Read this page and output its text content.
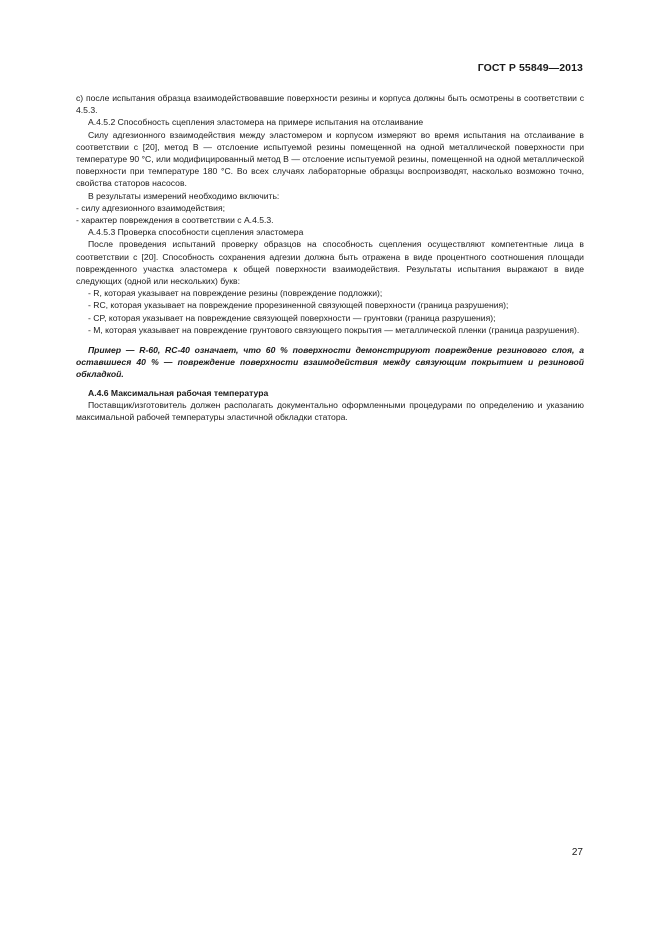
ГОСТ Р 55849—2013

с) после испытания образца взаимодействовавшие поверхности резины и корпуса должны быть осмотрены в соответствии с 4.5.3.

А.4.5.2 Способность сцепления эластомера на примере испытания на отслаивание

Силу адгезионного взаимодействия между эластомером и корпусом измеряют во время испытания на отслаивание в соответствии с [20], метод В — отслоение испытуемой резины помещенной на одной металлической поверхности при температуре 90 °С, или модифицированный метод В — отслоение испытуемой резины, помещенной на одной металлической поверхности при температуре 180 °С. Во всех случаях лабораторные образцы воспроизводят, насколько возможно точно, свойства статоров насосов.

В результаты измерений необходимо включить:

- силу адгезионного взаимодействия;

- характер повреждения в соответствии с А.4.5.3.

А.4.5.3 Проверка способности сцепления эластомера

После проведения испытаний проверку образцов на способность сцепления осуществляют компетентные лица в соответствии с [20]. Способность сохранения адгезии должна быть отражена в виде процентного соотношения площади поврежденного участка эластомера к общей поверхности взаимодействия. Результаты испытания выражают в виде следующих (одной или нескольких) букв:

- R, которая указывает на повреждение резины (повреждение подложки);

- RC, которая указывает на повреждение прорезиненной связующей поверхности (граница разрушения);

- CP, которая указывает на повреждение связующей поверхности — грунтовки (граница разрушения);

- M, которая указывает на повреждение грунтового связующего покрытия — металлической пленки (граница разрушения).

Пример — R-60, RC-40 означает, что 60 % поверхности демонстрируют повреждение резинового слоя, а оставшиеся 40 % — повреждение поверхности взаимодействия между связующим покрытием и резиновой обкладкой.

А.4.6 Максимальная рабочая температура

Поставщик/изготовитель должен располагать документально оформленными процедурами по определению и указанию максимальной рабочей температуры эластичной обкладки статора.

27
